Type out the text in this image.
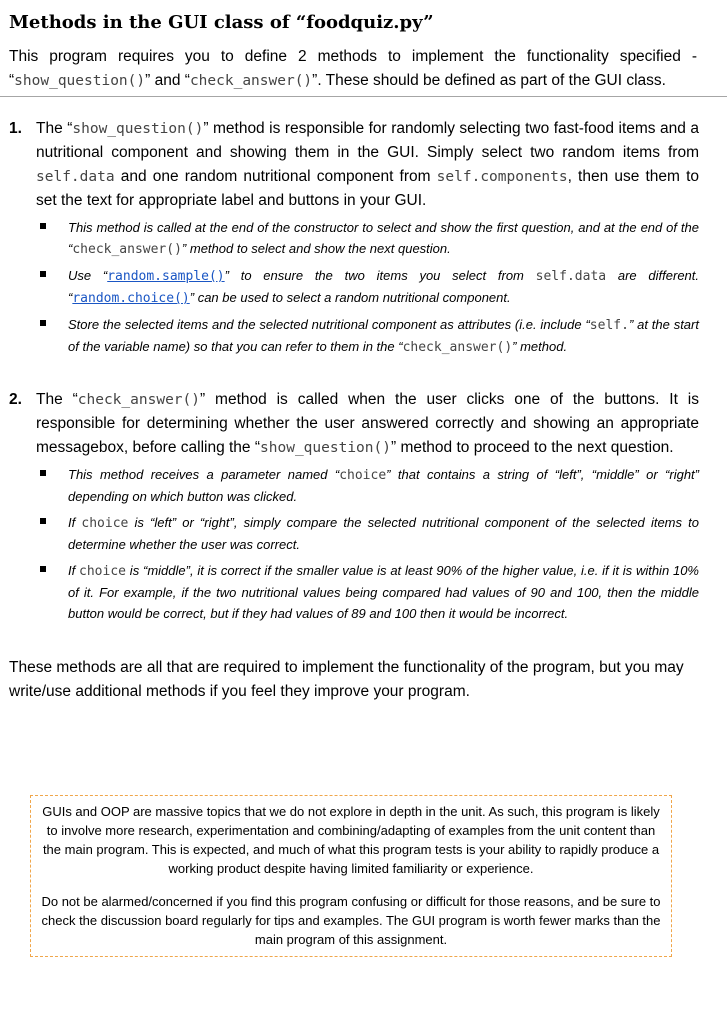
Methods in the GUI class of “foodquiz.py”

This program requires you to define 2 methods to implement the functionality specified - “show_question()” and “check_answer()”. These should be defined as part of the GUI class.

1. The “show_question()” method is responsible for randomly selecting two fast-food items and a nutritional component and showing them in the GUI. Simply select two random items from self.data and one random nutritional component from self.components, then use them to set the text for appropriate label and buttons in your GUI.

This method is called at the end of the constructor to select and show the first question, and at the end of the “check_answer()” method to select and show the next question.

Use “random.sample()” to ensure the two items you select from self.data are different. “random.choice()” can be used to select a random nutritional component.

Store the selected items and the selected nutritional component as attributes (i.e. include “self.” at the start of the variable name) so that you can refer to them in the “check_answer()” method.

2. The “check_answer()” method is called when the user clicks one of the buttons. It is responsible for determining whether the user answered correctly and showing an appropriate messagebox, before calling the “show_question()” method to proceed to the next question.

This method receives a parameter named “choice” that contains a string of “left”, “middle” or “right” depending on which button was clicked.

If choice is “left” or “right”, simply compare the selected nutritional component of the selected items to determine whether the user was correct.

If choice is “middle”, it is correct if the smaller value is at least 90% of the higher value, i.e. if it is within 10% of it. For example, if the two nutritional values being compared had values of 90 and 100, then the middle button would be correct, but if they had values of 89 and 100 then it would be incorrect.

These methods are all that are required to implement the functionality of the program, but you may write/use additional methods if you feel they improve your program.

GUIs and OOP are massive topics that we do not explore in depth in the unit. As such, this program is likely to involve more research, experimentation and combining/adapting of examples from the unit content than the main program. This is expected, and much of what this program tests is your ability to rapidly produce a working product despite having limited familiarity or experience.

Do not be alarmed/concerned if you find this program confusing or difficult for those reasons, and be sure to check the discussion board regularly for tips and examples. The GUI program is worth fewer marks than the main program of this assignment.
